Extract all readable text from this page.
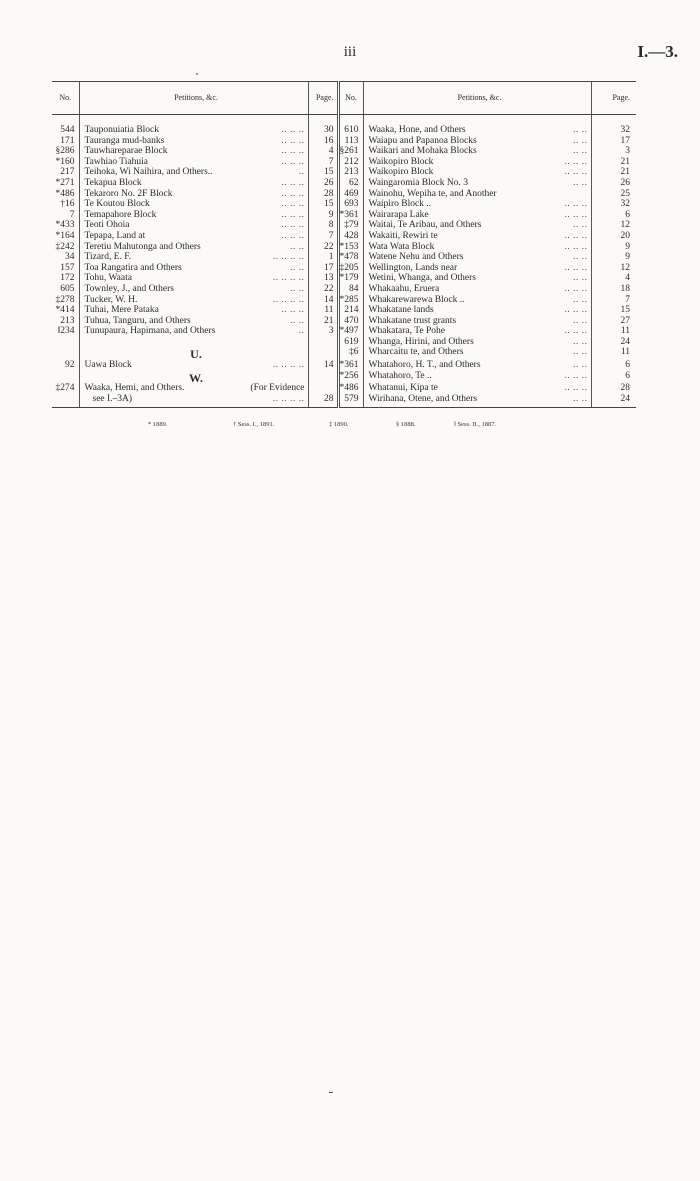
iii	I.—3.
No.	Petitions, &c.	Page.	No.	Petitions, &c.	Page.

544	Tauponuiatia Block .. .. ..	30	610	Waaka, Hone, and Others .. ..	32
171	Tauranga mud-banks .. .. ..	16	113	Waiapu and Papanoa Blocks .. ..	17
§286	Tauwhareparae Block .. .. ..	4	§261	Waikari and Mohaka Blocks .. ..	3
*160	Tawhiao Tiahuia .. .. ..	7	212	Waikopiro Block .. .. ..	21
217	Teihoka, Wi Naihira, and Others.. ..	15	213	Waikopiro Block .. .. ..	21
*271	Tekapua Block .. .. ..	26	62	Waingaromia Block No. 3 .. ..	26
*486	Tekaroro No. 2F Block .. .. ..	28	469	Wainohu, Wepiha te, and Another	25
†16	Te Koutou Block .. .. ..	15	693	Waipiro Block .. .. .. ..	32
7	Temapahore Block .. .. ..	9	*361	Wairarapa Lake .. .. ..	6
*433	Teoti Ohoia .. .. ..	8	‡79	Waitai, Te Aribau, and Others .. ..	12
*164	Tepapa, Land at .. .. ..	7	428	Wakaiti, Rewiri te .. .. ..	20
‡242	Teretiu Mahutonga and Others .. ..	22	*153	Wata Wata Block .. .. ..	9
34	Tizard, E. F. .. .. .. ..	1	*478	Watene Nehu and Others .. ..	9
157	Toa Rangatira and Others .. ..	17	‡205	Wellington, Lands near .. .. ..	12
172	Tohu, Waata .. .. .. ..	13	*179	Wetini, Whanga, and Others .. ..	4
605	Townley, J., and Others .. ..	22	84	Whakaahu, Eruera .. .. ..	18
‡278	Tucker, W. H. .. .. .. ..	14	*285	Whakarewarewa Block .. .. ..	7
*414	Tuhai, Mere Pataka .. .. ..	11	214	Whakatane lands .. .. ..	15
213	Tuhua, Tanguru, and Others .. ..	21	470	Whakatane trust grants .. ..	27
‖234	Tunupaura, Hapimana, and Others ..	3	*497	Whakatara, Te Pohe .. .. ..	11
			619	Whanga, Hirini, and Others .. ..	24
	U.		‡6	Wharcaitu te, and Others .. ..	11
92	Uawa Block .. .. .. ..	14	*361	Whatahoro, H. T., and Others .. ..	6
	W.		*256	Whatahoro, Te .. .. .. ..	6
‡274	Waaka, Hemi, and Others. (For Evidence		*486	Whatanui, Kipa te .. .. ..	28
	see I.–3A) .. .. .. ..	28	579	Wirihana, Otene, and Others .. ..	24
* 1889.	† Sess. I., 1891.	‡ 1890.	§ 1888.	‖ Sess. II., 1887.
